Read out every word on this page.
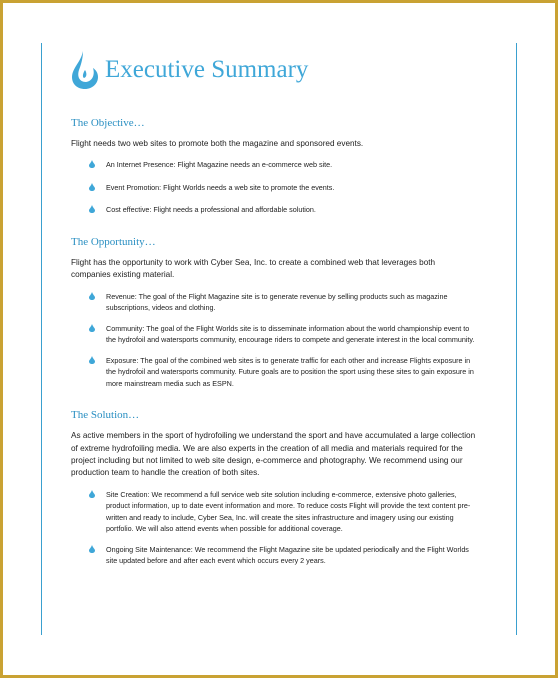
Executive Summary
The Objective…

Flight needs two web sites to promote both the magazine and sponsored events.

An Internet Presence: Flight Magazine needs an e-commerce web site.
Event Promotion: Flight Worlds needs a web site to promote the events.
Cost effective: Flight needs a professional and affordable solution.
The Opportunity…

Flight has the opportunity to work with Cyber Sea, Inc. to create a combined web that leverages both companies existing material.

Revenue: The goal of the Flight Magazine site is to generate revenue by selling products such as magazine subscriptions, videos and clothing.
Community: The goal of the Flight Worlds site is to disseminate information about the world championship event to the hydrofoil and watersports community, encourage riders to compete and generate interest in the local community.
Exposure: The goal of the combined web sites is to generate traffic for each other and increase Flights exposure in the hydrofoil and watersports community. Future goals are to position the sport using these sites to gain exposure in more mainstream media such as ESPN.
The Solution…

As active members in the sport of hydrofoiling we understand the sport and have accumulated a large collection of extreme hydrofoiling media. We are also experts in the creation of all media and materials required for the project including but not limited to web site design, e-commerce and photography. We recommend using our production team to handle the creation of both sites.

Site Creation: We recommend a full service web site solution including e-commerce, extensive photo galleries, product information, up to date event information and more. To reduce costs Flight will provide the text content pre-written and ready to include, Cyber Sea, Inc. will create the sites infrastructure and imagery using our existing portfolio. We will also attend events when possible for additional coverage.
Ongoing Site Maintenance: We recommend the Flight Magazine site be updated periodically and the Flight Worlds site updated before and after each event which occurs every 2 years.
